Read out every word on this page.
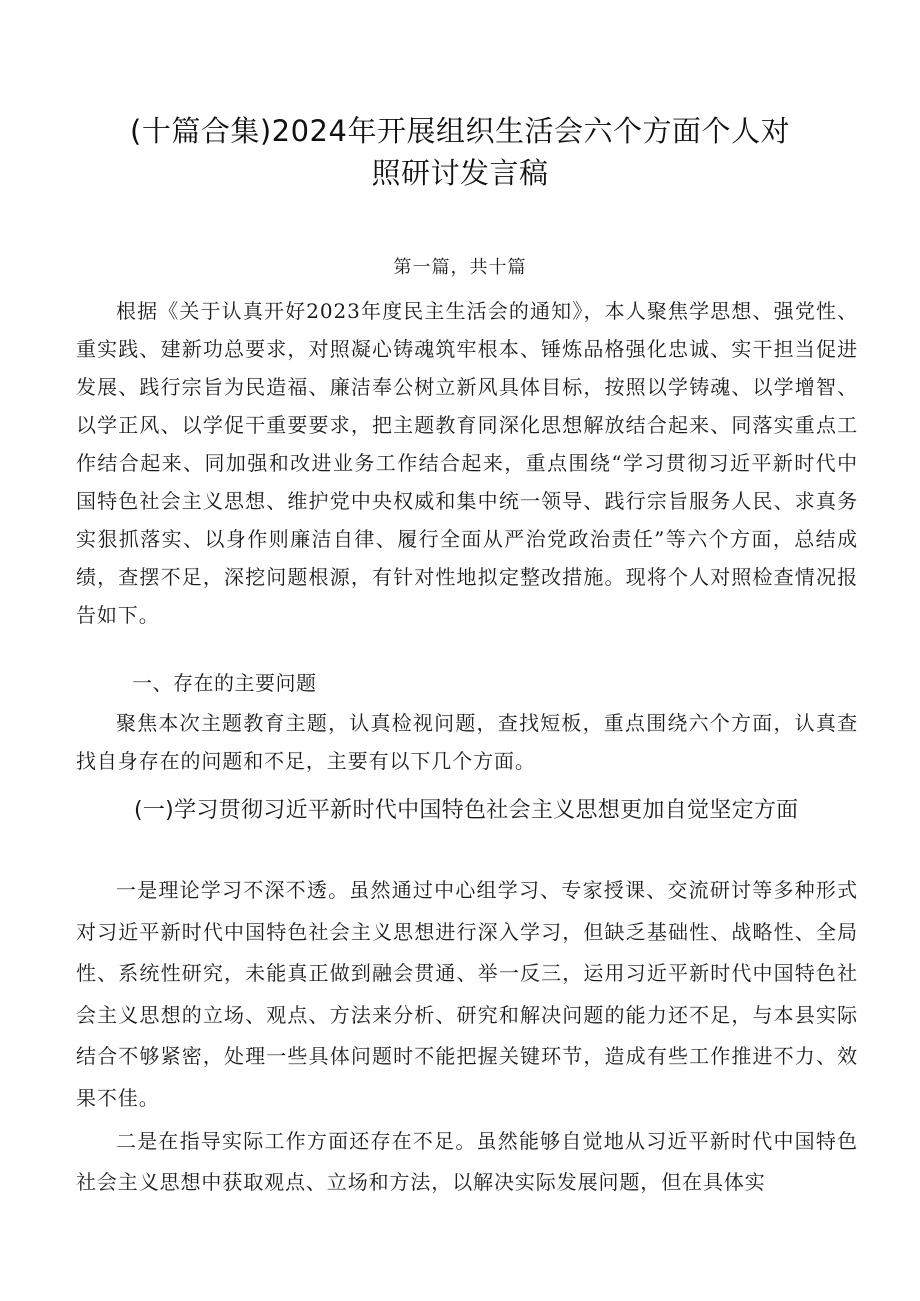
(十篇合集)2024年开展组织生活会六个方面个人对
照研讨发言稿
第一篇，共十篇

根据《关于认真开好2023年度民主生活会的通知》，本人聚焦学思想、强党性、重实践、建新功总要求，对照凝心铸魂筑牢根本、锤炼品格强化忠诚、实干担当促进发展、践行宗旨为民造福、廉洁奉公树立新风具体目标，按照以学铸魂、以学增智、以学正风、以学促干重要要求，把主题教育同深化思想解放结合起来、同落实重点工作结合起来、同加强和改进业务工作结合起来，重点围绕“学习贯彻习近平新时代中国特色社会主义思想、维护党中央权威和集中统一领导、践行宗旨服务人民、求真务实狠抓落实、以身作则廉洁自律、履行全面从严治党政治责任”等六个方面，总结成绩，查摆不足，深挖问题根源，有针对性地拟定整改措施。现将个人对照检查情况报告如下。

一、存在的主要问题

聚焦本次主题教育主题，认真检视问题，查找短板，重点围绕六个方面，认真查找自身存在的问题和不足，主要有以下几个方面。

(一)学习贯彻习近平新时代中国特色社会主义思想更加自觉坚定方面

一是理论学习不深不透。虽然通过中心组学习、专家授课、交流研讨等多种形式对习近平新时代中国特色社会主义思想进行深入学习，但缺乏基础性、战略性、全局性、系统性研究，未能真正做到融会贯通、举一反三，运用习近平新时代中国特色社会主义思想的立场、观点、方法来分析、研究和解决问题的能力还不足，与本县实际结合不够紧密，处理一些具体问题时不能把握关键环节，造成有些工作推进不力、效果不佳。

二是在指导实际工作方面还存在不足。虽然能够自觉地从习近平新时代中国特色社会主义思想中获取观点、立场和方法，以解决实际发展问题，但在具体实
